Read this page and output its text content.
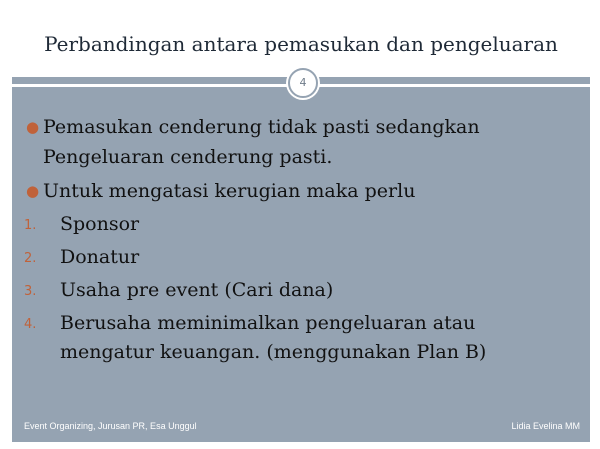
Perbandingan antara pemasukan dan pengeluaran
4
● Pemasukan cenderung tidak pasti sedangkan
Pengeluaran cenderung pasti.
● Untuk mengatasi kerugian maka perlu
1. Sponsor
2. Donatur
3. Usaha pre event (Cari dana)
4. Berusaha meminimalkan pengeluaran atau
mengatur keuangan. (menggunakan Plan B)
Event Organizing, Jurusan PR, Esa Unggul	Lidia Evelina MM
